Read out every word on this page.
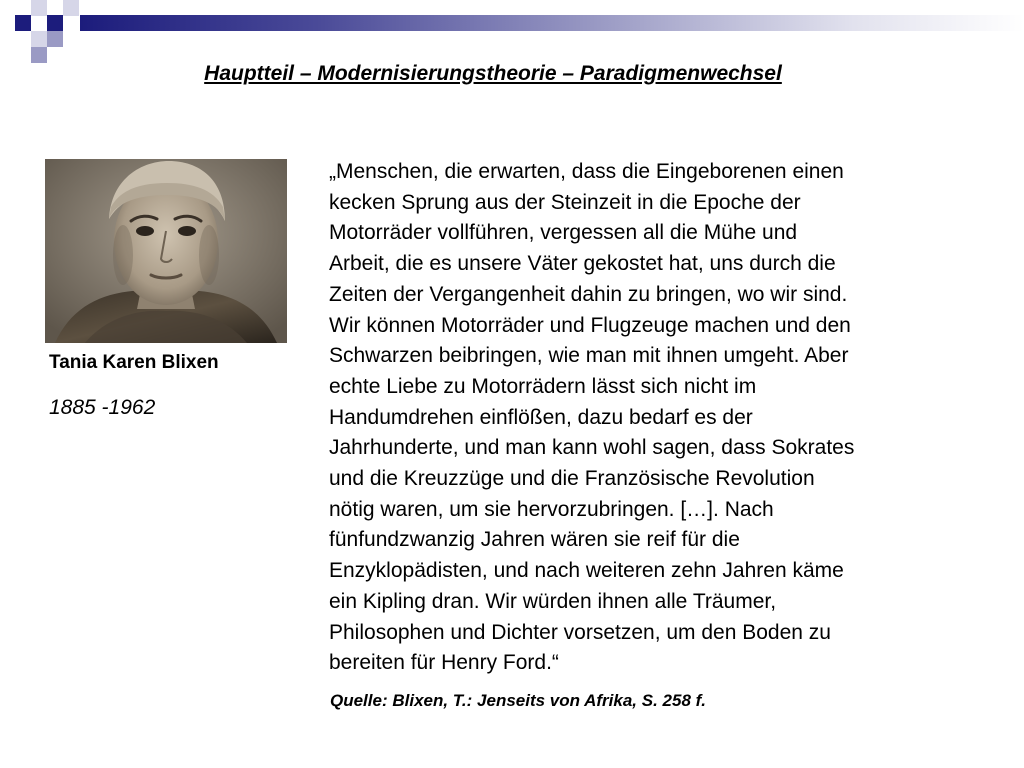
Hauptteil – Modernisierungstheorie – Paradigmenwechsel
Tania Karen Blixen
1885 -1962

„Menschen, die erwarten, dass die Eingeborenen einen
kecken Sprung aus der Steinzeit in die Epoche der
Motorräder vollführen, vergessen all die Mühe und
Arbeit, die es unsere Väter gekostet hat, uns durch die
Zeiten der Vergangenheit dahin zu bringen, wo wir sind.
Wir können Motorräder und Flugzeuge machen und den
Schwarzen beibringen, wie man mit ihnen umgeht. Aber
echte Liebe zu Motorrädern lässt sich nicht im
Handumdrehen einflößen, dazu bedarf es der
Jahrhunderte, und man kann wohl sagen, dass Sokrates
und die Kreuzzüge und die Französische Revolution
nötig waren, um sie hervorzubringen. […]. Nach
fünfundzwanzig Jahren wären sie reif für die
Enzyklopädisten, und nach weiteren zehn Jahren käme
ein Kipling dran. Wir würden ihnen alle Träumer,
Philosophen und Dichter vorsetzen, um den Boden zu
bereiten für Henry Ford.“

Quelle: Blixen, T.: Jenseits von Afrika, S. 258 f.
